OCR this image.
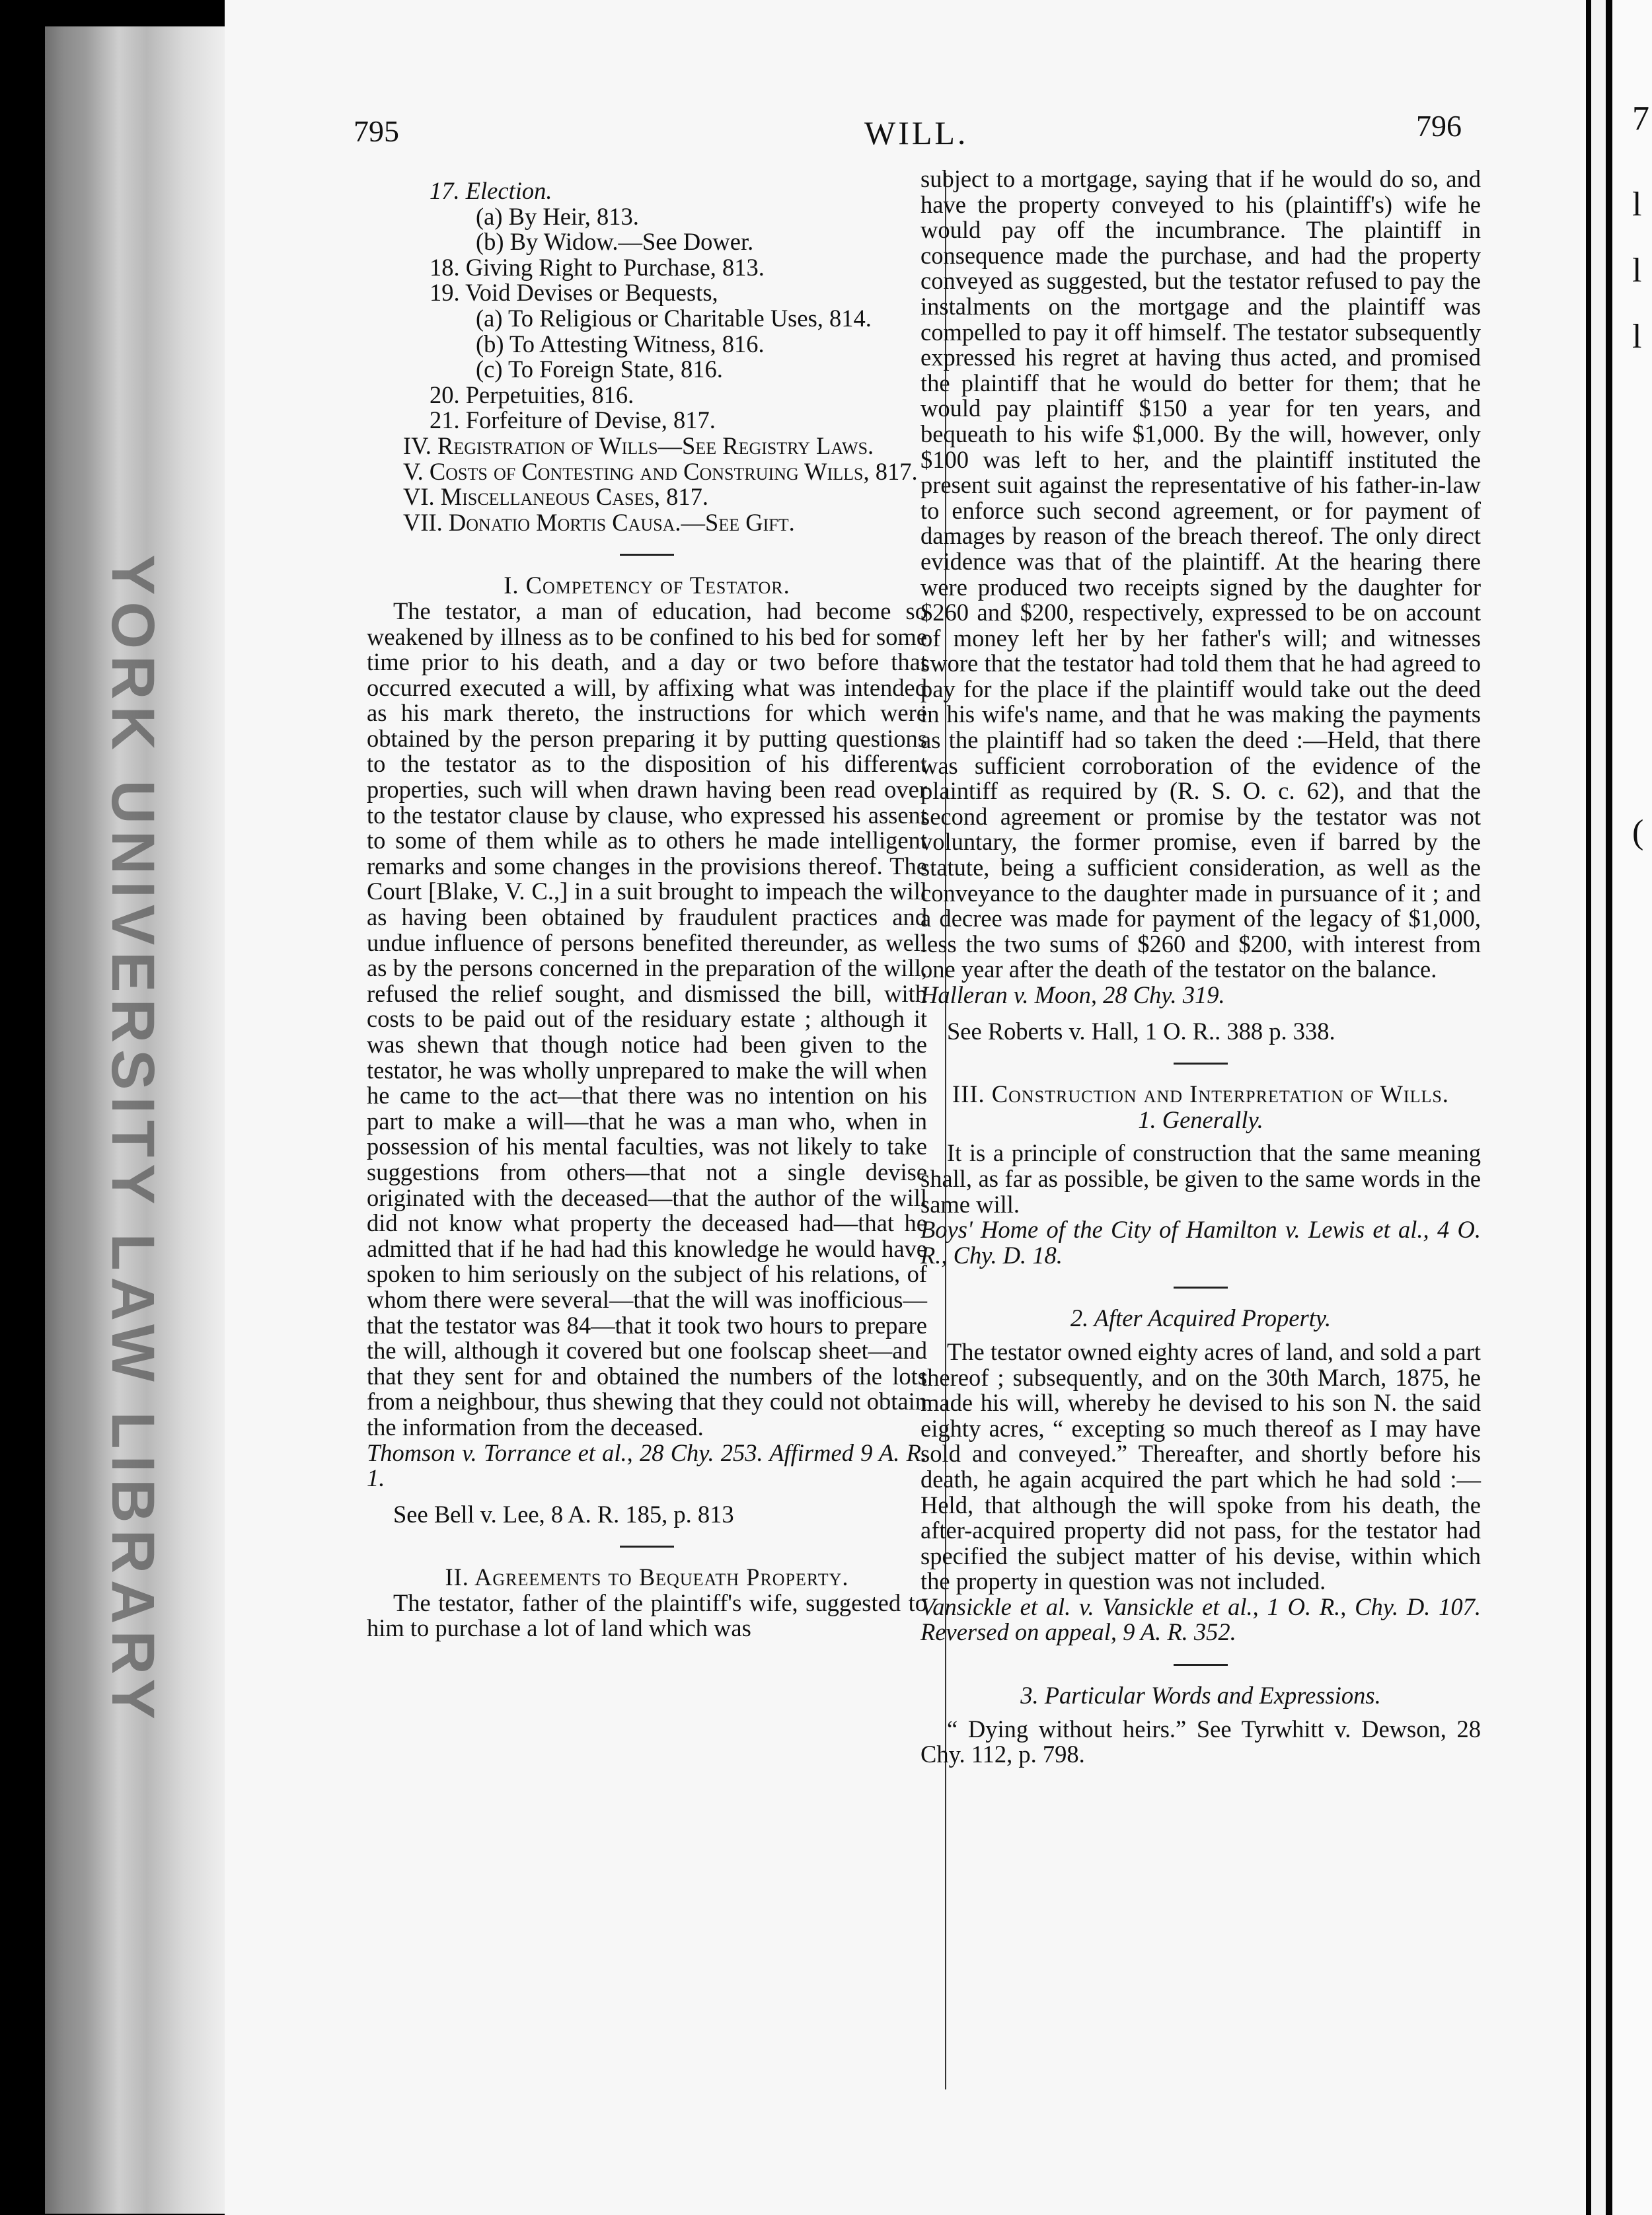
YORK UNIVERSITY LAW LIBRARY
7
l
l
l
(
795	WILL.	796

17. Election.

(a) By Heir, 813.

(b) By Widow.—See Dower.

18. Giving Right to Purchase, 813.

19. Void Devises or Bequests,

(a) To Religious or Charitable Uses, 814.

(b) To Attesting Witness, 816.

(c) To Foreign State, 816.

20. Perpetuities, 816.

21. Forfeiture of Devise, 817.

IV. Registration of Wills—See Registry Laws.

V. Costs of Contesting and Construing Wills, 817.

VI. Miscellaneous Cases, 817.

VII. Donatio Mortis Causa.—See Gift.

I. Competency of Testator.

The testator, a man of education, had become so weakened by illness as to be confined to his bed for some time prior to his death, and a day or two before that occurred executed a will, by affixing what was intended as his mark thereto, the instructions for which were obtained by the person preparing it by putting questions to the testator as to the disposition of his different properties, such will when drawn having been read over to the testator clause by clause, who expressed his assent to some of them while as to others he made intelligent remarks and some changes in the provisions thereof. The Court [Blake, V. C.,] in a suit brought to impeach the will as having been obtained by fraudulent practices and undue influence of persons benefited thereunder, as well as by the persons concerned in the preparation of the will, refused the relief sought, and dismissed the bill, with costs to be paid out of the residuary estate ; although it was shewn that though notice had been given to the testator, he was wholly unprepared to make the will when he came to the act—that there was no intention on his part to make a will—that he was a man who, when in possession of his mental faculties, was not likely to take suggestions from others—that not a single devise originated with the deceased—that the author of the will did not know what property the deceased had—that he admitted that if he had had this knowledge he would have spoken to him seriously on the subject of his relations, of whom there were several—that the will was inofficious—that the testator was 84—that it took two hours to prepare the will, although it covered but one foolscap sheet—and that they sent for and obtained the numbers of the lots from a neighbour, thus shewing that they could not obtain the information from the deceased.

Thomson v. Torrance et al., 28 Chy. 253. Affirmed 9 A. R. 1.

See Bell v. Lee, 8 A. R. 185, p. 813

II. Agreements to Bequeath Property.

The testator, father of the plaintiff's wife, suggested to him to purchase a lot of land which was

subject to a mortgage, saying that if he would do so, and have the property conveyed to his (plaintiff's) wife he would pay off the incumbrance. The plaintiff in consequence made the purchase, and had the property conveyed as suggested, but the testator refused to pay the instalments on the mortgage and the plaintiff was compelled to pay it off himself. The testator subsequently expressed his regret at having thus acted, and promised the plaintiff that he would do better for them; that he would pay plaintiff $150 a year for ten years, and bequeath to his wife $1,000. By the will, however, only $100 was left to her, and the plaintiff instituted the present suit against the representative of his father-in-law to enforce such second agreement, or for payment of damages by reason of the breach thereof. The only direct evidence was that of the plaintiff. At the hearing there were produced two receipts signed by the daughter for $260 and $200, respectively, expressed to be on account of money left her by her father's will; and witnesses swore that the testator had told them that he had agreed to pay for the place if the plaintiff would take out the deed in his wife's name, and that he was making the payments as the plaintiff had so taken the deed :—Held, that there was sufficient corroboration of the evidence of the plaintiff as required by (R. S. O. c. 62), and that the second agreement or promise by the testator was not voluntary, the former promise, even if barred by the statute, being a sufficient consideration, as well as the conveyance to the daughter made in pursuance of it ; and a decree was made for payment of the legacy of $1,000, less the two sums of $260 and $200, with interest from one year after the death of the testator on the balance.

Halleran v. Moon, 28 Chy. 319.

See Roberts v. Hall, 1 O. R.. 388 p. 338.

III. Construction and Interpretation of Wills.

1. Generally.

It is a principle of construction that the same meaning shall, as far as possible, be given to the same words in the same will.

Boys' Home of the City of Hamilton v. Lewis et al., 4 O. R., Chy. D. 18.

2. After Acquired Property.

The testator owned eighty acres of land, and sold a part thereof ; subsequently, and on the 30th March, 1875, he made his will, whereby he devised to his son N. the said eighty acres, “ excepting so much thereof as I may have sold and conveyed.” Thereafter, and shortly before his death, he again acquired the part which he had sold :—Held, that although the will spoke from his death, the after-acquired property did not pass, for the testator had specified the subject matter of his devise, within which the property in question was not included.

Vansickle et al. v. Vansickle et al., 1 O. R., Chy. D. 107. Reversed on appeal, 9 A. R. 352.

3. Particular Words and Expressions.

“ Dying without heirs.” See Tyrwhitt v. Dewson, 28 Chy. 112, p. 798.
